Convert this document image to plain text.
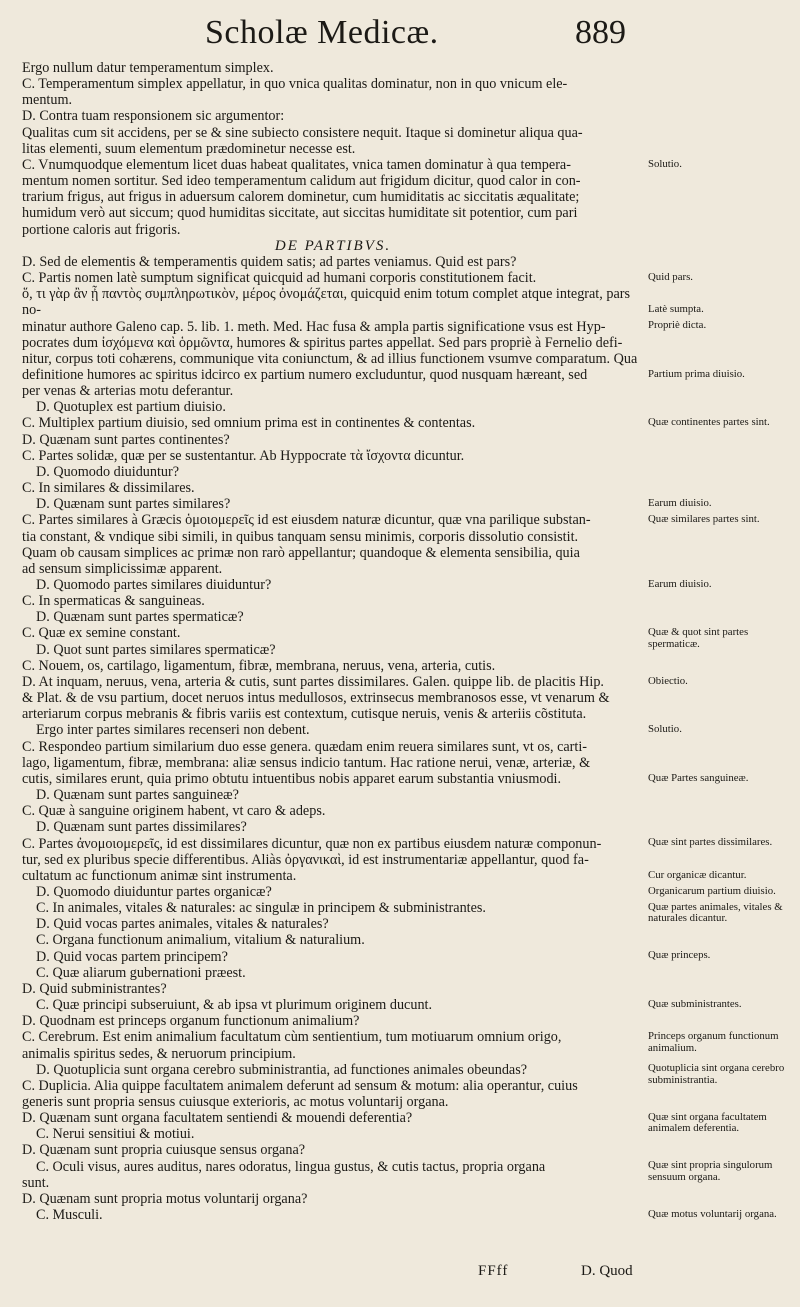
Scholæ Medicæ.	889

Ergo nullum datur temperamentum simplex.

C. Temperamentum simplex appellatur, in quo vnica qualitas dominatur, non in quo vnicum ele-

mentum.

D. Contra tuam responsionem sic argumentor:

Qualitas cum sit accidens, per se & sine subiecto consistere nequit. Itaque si dominetur aliqua qua-

litas elementi, suum elementum prædominetur necesse est.

C. Vnumquodque elementum licet duas habeat qualitates, vnica tamen dominatur à qua tempera-

mentum nomen sortitur. Sed ideo temperamentum calidum aut frigidum dicitur, quod calor in con-

trarium frigus, aut frigus in aduersum calorem dominetur, cum humiditatis ac siccitatis æqualitate;

humidum verò aut siccum; quod humiditas siccitate, aut siccitas humiditate sit potentior, cum pari

portione caloris aut frigoris.

DE PARTIBVS.

D. Sed de elementis & temperamentis quidem satis; ad partes veniamus. Quid est pars?

C. Partis nomen latè sumptum significat quicquid ad humani corporis constitutionem facit.

ὅ, τι γὰρ ἂν ᾖ παντὸς συμπληρωτικὸν, μέρος ὀνομάζεται, quicquid enim totum complet atque integrat, pars no-

minatur authore Galeno cap. 5. lib. 1. meth. Med. Hac fusa & ampla partis significatione vsus est Hyp-

pocrates dum ἰσχόμενα καὶ ὁρμῶντα, humores & spiritus partes appellat. Sed pars propriè à Fernelio defi-

nitur, corpus toti cohærens, communique vita coniunctum, & ad illius functionem vsumve comparatum. Qua

definitione humores ac spiritus idcirco ex partium numero excluduntur, quod nusquam hæreant, sed

per venas & arterias motu deferantur.

D. Quotuplex est partium diuisio.

C. Multiplex partium diuisio, sed omnium prima est in continentes & contentas.

D. Quænam sunt partes continentes?

C. Partes solidæ, quæ per se sustentantur. Ab Hyppocrate τὰ ἴσχοντα dicuntur.

D. Quomodo diuiduntur?

C. In similares & dissimilares.

D. Quænam sunt partes similares?

C. Partes similares à Græcis ὁμοιομερεῖς id est eiusdem naturæ dicuntur, quæ vna parilique substan-

tia constant, & vndique sibi simili, in quibus tanquam sensu minimis, corporis dissolutio consistit.

Quam ob causam simplices ac primæ non rarò appellantur; quandoque & elementa sensibilia, quia

ad sensum simplicissimæ apparent.

D. Quomodo partes similares diuiduntur?

C. In spermaticas & sanguineas.

D. Quænam sunt partes spermaticæ?

C. Quæ ex semine constant.

D. Quot sunt partes similares spermaticæ?

C. Nouem, os, cartilago, ligamentum, fibræ, membrana, neruus, vena, arteria, cutis.

D. At inquam, neruus, vena, arteria & cutis, sunt partes dissimilares. Galen. quippe lib. de placitis Hip.

& Plat. & de vsu partium, docet neruos intus medullosos, extrinsecus membranosos esse, vt venarum &

arteriarum corpus mebranis & fibris variis est contextum, cutisque neruis, venis & arteriis cõstituta.

Ergo inter partes similares recenseri non debent.

C. Respondeo partium similarium duo esse genera. quædam enim reuera similares sunt, vt os, carti-

lago, ligamentum, fibræ, membrana: aliæ sensus indicio tantum. Hac ratione nerui, venæ, arteriæ, &

cutis, similares erunt, quia primo obtutu intuentibus nobis apparet earum substantia vniusmodi.

D. Quænam sunt partes sanguineæ?

C. Quæ à sanguine originem habent, vt caro & adeps.

D. Quænam sunt partes dissimilares?

C. Partes ἀνομοιομερεῖς, id est dissimilares dicuntur, quæ non ex partibus eiusdem naturæ componun-

tur, sed ex pluribus specie differentibus. Aliàs ὀργανικαὶ, id est instrumentariæ appellantur, quod fa-

cultatum ac functionum animæ sint instrumenta.

D. Quomodo diuiduntur partes organicæ?

C. In animales, vitales & naturales: ac singulæ in principem & subministrantes.

D. Quid vocas partes animales, vitales & naturales?

C. Organa functionum animalium, vitalium & naturalium.

D. Quid vocas partem principem?

C. Quæ aliarum gubernationi præest.

D. Quid subministrantes?

C. Quæ principi subseruiunt, & ab ipsa vt plurimum originem ducunt.

D. Quodnam est princeps organum functionum animalium?

C. Cerebrum. Est enim animalium facultatum cùm sentientium, tum motiuarum omnium origo,

animalis spiritus sedes, & neruorum principium.

D. Quotuplicia sunt organa cerebro subministrantia, ad functiones animales obeundas?

C. Duplicia. Alia quippe facultatem animalem deferunt ad sensum & motum: alia operantur, cuius

generis sunt propria sensus cuiusque exterioris, ac motus voluntarij organa.

D. Quænam sunt organa facultatem sentiendi & mouendi deferentia?

C. Nerui sensitiui & motiui.

D. Quænam sunt propria cuiusque sensus organa?

C. Oculi visus, aures auditus, nares odoratus, lingua gustus, & cutis tactus, propria organa

sunt.

D. Quænam sunt propria motus voluntarij organa?

C. Musculi.

Solutio.
Quid pars.
Latè sumpta.
Propriè dicta.
Partium prima diuisio.
Quæ continentes partes sint.
Earum diuisio.
Quæ similares partes sint.
Earum diuisio.
Quæ & quot sint partes spermaticæ.
Obiectio.
Solutio.
Quæ Partes sanguineæ.
Quæ sint partes dissimilares.
Cur organicæ dicantur.
Organicarum partium diuisio.
Quæ partes animales, vitales & naturales dicantur.
Quæ princeps.
Quæ subministrantes.
Princeps organum functionum animalium.
Quotuplicia sint organa cerebro subministrantia.
Quæ sint organa facultatem animalem deferentia.
Quæ sint propria singulorum sensuum organa.
Quæ motus voluntarij organa.
FFff	D. Quod
